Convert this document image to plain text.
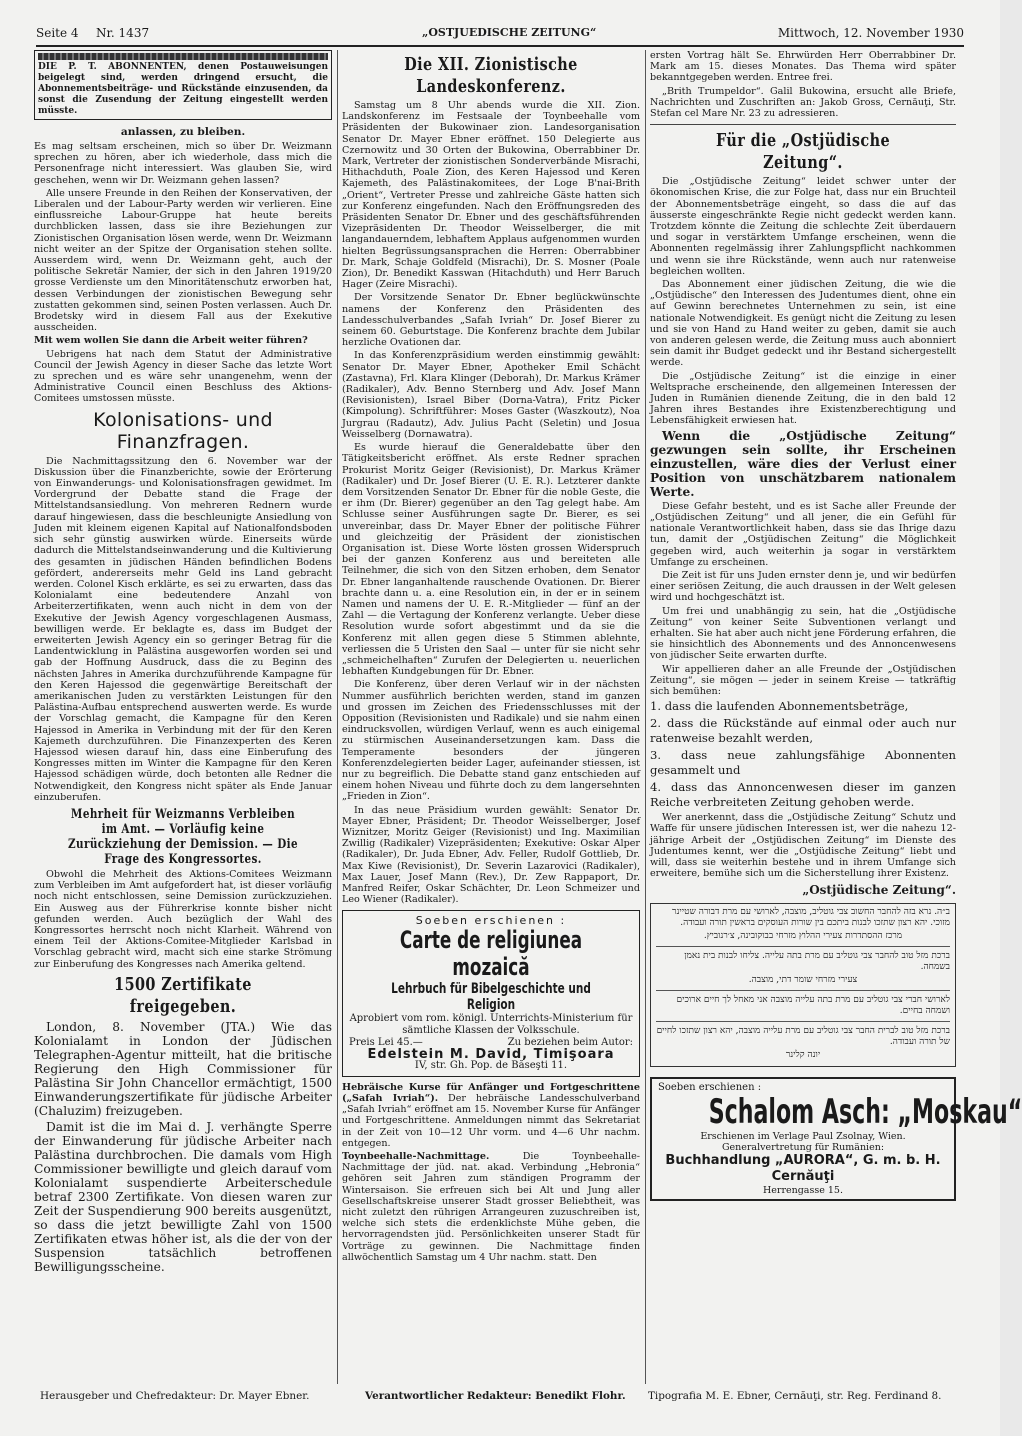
Seite 4 Nr. 1437	„OSTJUEDISCHE ZEITUNG“	Mittwoch, 12. November 1930
DIE P. T. ABONNENTEN, denen Postauweisungen beigelegt sind, werden dringend ersucht, die Abonnementsbeiträge- und Rückstände einzusenden, da sonst die Zusendung der Zeitung eingestellt werden müsste.
anlassen, zu bleiben.

Es mag seltsam erscheinen, mich so über Dr. Weizmann sprechen zu hören, aber ich wiederhole, dass mich die Personenfrage nicht interessiert. Was glauben Sie, wird geschehen, wenn wir Dr. Weizmann gehen lassen?

Alle unsere Freunde in den Reihen der Konservativen, der Liberalen und der Labour-Party werden wir verlieren. Eine einflussreiche Labour-Gruppe hat heute bereits durchblicken lassen, dass sie ihre Beziehungen zur Zionistischen Organisation lösen werde, wenn Dr. Weizmann nicht weiter an der Spitze der Organisation stehen sollte. Ausserdem wird, wenn Dr. Weizmann geht, auch der politische Sekretär Namier, der sich in den Jahren 1919/20 grosse Verdienste um den Minoritätenschutz erworben hat, dessen Verbindungen der zionistischen Bewegung sehr zustatten gekommen sind, seinen Posten verlassen. Auch Dr. Brodetsky wird in diesem Fall aus der Exekutive ausscheiden.

Mit wem wollen Sie dann die Arbeit weiter führen?

Uebrigens hat nach dem Statut der Administrative Council der Jewish Agency in dieser Sache das letzte Wort zu sprechen und es wäre sehr unangenehm, wenn der Administrative Council einen Beschluss des Aktions-Comitees umstossen müsste.

Kolonisations- und Finanzfragen.

Die Nachmittagssitzung den 6. November war der Diskussion über die Finanzberichte, sowie der Erörterung von Einwanderungs- und Kolonisationsfragen gewidmet. Im Vordergrund der Debatte stand die Frage der Mittelstandsansiedlung. Von mehreren Rednern wurde darauf hingewiesen, dass die beschleunigte Ansiedlung von Juden mit kleinem eigenen Kapital auf Nationalfondsboden sich sehr günstig auswirken würde. Einerseits würde dadurch die Mittelstandseinwanderung und die Kultivierung des gesamten in jüdischen Händen befindlichen Bodens gefördert, andererseits mehr Geld ins Land gebracht werden. Colonel Kisch erklärte, es sei zu erwarten, dass das Kolonialamt eine bedeutendere Anzahl von Arbeiterzertifikaten, wenn auch nicht in dem von der Exekutive der Jewish Agency vorgeschlagenen Ausmass, bewilligen werde. Er beklagte es, dass im Budget der erweiterten Jewish Agency ein so geringer Betrag für die Landentwicklung in Palästina ausgeworfen worden sei und gab der Hoffnung Ausdruck, dass die zu Beginn des nächsten Jahres in Amerika durchzuführende Kampagne für den Keren Hajessod die gegenwärtige Bereitschaft der amerikanischen Juden zu verstärkten Leistungen für den Palästina-Aufbau entsprechend auswerten werde. Es wurde der Vorschlag gemacht, die Kampagne für den Keren Hajessod in Amerika in Verbindung mit der für den Keren Kajemeth durchzuführen. Die Finanzexperten des Keren Hajessod wiesen darauf hin, dass eine Einberufung des Kongresses mitten im Winter die Kampagne für den Keren Hajessod schädigen würde, doch betonten alle Redner die Notwendigkeit, den Kongress nicht später als Ende Januar einzuberufen.

Mehrheit für Weizmanns Verbleiben im Amt. — Vorläufig keine Zurückziehung der Demission. — Die Frage des Kongressortes.

Obwohl die Mehrheit des Aktions-Comitees Weizmann zum Verbleiben im Amt aufgefordert hat, ist dieser vorläufig noch nicht entschlossen, seine Demission zurückzuziehen. Ein Ausweg aus der Führerkrise konnte bisher nicht gefunden werden. Auch bezüglich der Wahl des Kongressortes herrscht noch nicht Klarheit. Während von einem Teil der Aktions-Comitee-Mitglieder Karlsbad in Vorschlag gebracht wird, macht sich eine starke Strömung zur Einberufung des Kongresses nach Amerika geltend.

1500 Zertifikate freigegeben.

London, 8. November (JTA.) Wie das Kolonialamt in London der Jüdischen Telegraphen-Agentur mitteilt, hat die britische Regierung den High Commissioner für Palästina Sir John Chancellor ermächtigt, 1500 Einwanderungszertifikate für jüdische Arbeiter (Chaluzim) freizugeben.

Damit ist die im Mai d. J. verhängte Sperre der Einwanderung für jüdische Arbeiter nach Palästina durchbrochen. Die damals vom High Commissioner bewilligte und gleich darauf vom Kolonialamt suspendierte Arbeiterschedule betraf 2300 Zertifikate. Von diesen waren zur Zeit der Suspendierung 900 bereits ausgenützt, so dass die jetzt bewilligte Zahl von 1500 Zertifikaten etwas höher ist, als die der von der Suspension tatsächlich betroffenen Bewilligungsscheine.

Die XII. Zionistische Landeskonferenz.

Samstag um 8 Uhr abends wurde die XII. Zion. Landskonferenz im Festsaale der Toynbeehalle vom Präsidenten der Bukowinaer zion. Landesorganisation Senator Dr. Mayer Ebner eröffnet. 150 Delegierte aus Czernowitz und 30 Orten der Bukowina, Oberrabbiner Dr. Mark, Vertreter der zionistischen Sonderverbände Misrachi, Hithachduth, Poale Zion, des Keren Hajessod und Keren Kajemeth, des Palästinakomitees, der Loge B'nai-Brith „Orient“, Vertreter Presse und zahlreiche Gäste hatten sich zur Konferenz eingefunden. Nach den Eröffnungsreden des Präsidenten Senator Dr. Ebner und des geschäftsführenden Vizepräsidenten Dr. Theodor Weisselberger, die mit langandauerndem, lebhaftem Applaus aufgenommen wurden hielten Begrüssungsansprachen die Herren: Oberrabbiner Dr. Mark, Schaje Goldfeld (Misrachi), Dr. S. Mosner (Poale Zion), Dr. Benedikt Kasswan (Hitachduth) und Herr Baruch Hager (Zeire Misrachi).

Der Vorsitzende Senator Dr. Ebner beglückwünschte namens der Konferenz den Präsidenten des Landesschulverbandes „Safah Ivriah“ Dr. Josef Bierer zu seinem 60. Geburtstage. Die Konferenz brachte dem Jubilar herzliche Ovationen dar.

In das Konferenzpräsidium werden einstimmig gewählt: Senator Dr. Mayer Ebner, Apotheker Emil Schächt (Zastavna), Frl. Klara Klinger (Deborah), Dr. Markus Krämer (Radikaler), Adv. Benno Sternberg und Adv. Josef Mann (Revisionisten), Israel Biber (Dorna-Vatra), Fritz Picker (Kimpolung). Schriftführer: Moses Gaster (Waszkoutz), Noa Jurgrau (Radautz), Adv. Julius Pacht (Seletin) und Josua Weisselberg (Dornawatra).

Es wurde hierauf die Generaldebatte über den Tätigkeitsbericht eröffnet. Als erste Redner sprachen Prokurist Moritz Geiger (Revisionist), Dr. Markus Krämer (Radikaler) und Dr. Josef Bierer (U. E. R.). Letzterer dankte dem Vorsitzenden Senator Dr. Ebner für die noble Geste, die er ihm (Dr. Bierer) gegenüber an den Tag gelegt habe. Am Schlusse seiner Ausführungen sagte Dr. Bierer, es sei unvereinbar, dass Dr. Mayer Ebner der politische Führer und gleichzeitig der Präsident der zionistischen Organisation ist. Diese Worte lösten grossen Widerspruch bei der ganzen Konferenz aus und bereiteten alle Teilnehmer, die sich von den Sitzen erhoben, dem Senator Dr. Ebner langanhaltende rauschende Ovationen. Dr. Bierer brachte dann u. a. eine Resolution ein, in der er in seinem Namen und namens der U. E. R.-Mitglieder — fünf an der Zahl — die Vertagung der Konferenz verlangte. Ueber diese Resolution wurde sofort abgestimmt und da sie die Konferenz mit allen gegen diese 5 Stimmen ablehnte, verliessen die 5 Uristen den Saal — unter für sie nicht sehr „schmeichelhaften“ Zurufen der Delegierten u. neuerlichen lebhaften Kundgebungen für Dr. Ebner.

Die Konferenz, über deren Verlauf wir in der nächsten Nummer ausführlich berichten werden, stand im ganzen und grossen im Zeichen des Friedensschlusses mit der Opposition (Revisionisten und Radikale) und sie nahm einen eindrucksvollen, würdigen Verlauf, wenn es auch einigemal zu stürmischen Auseinandersetzungen kam. Dass die Temperamente besonders der jüngeren Konferenzdelegierten beider Lager, aufeinander stiessen, ist nur zu begreiflich. Die Debatte stand ganz entschieden auf einem hohen Niveau und führte doch zu dem langersehnten „Frieden in Zion“.

In das neue Präsidium wurden gewählt: Senator Dr. Mayer Ebner, Präsident; Dr. Theodor Weisselberger, Josef Wiznitzer, Moritz Geiger (Revisionist) und Ing. Maximilian Zwillig (Radikaler) Vizepräsidenten; Exekutive: Oskar Alper (Radikaler), Dr. Juda Ebner, Adv. Feller, Rudolf Gottlieb, Dr. Max Kiwe (Revisionist), Dr. Severin Lazarovici (Radikaler), Max Lauer, Josef Mann (Rev.), Dr. Zew Rappaport, Dr. Manfred Reifer, Oskar Schächter, Dr. Leon Schmeizer und Leo Wiener (Radikaler).

Soeben erschienen :
Carte de religiunea mozaică
Lehrbuch für Bibelgeschichte und Religion
Aprobiert vom rom. königl. Unterrichts-Ministerium für sämtliche Klassen der Volksschule.
Preis Lei 45.—	Zu beziehen beim Autor:
Edelstein M. David, Timişoara
IV, str. Gh. Pop. de Băseşti 11.

Hebräische Kurse für Anfänger und Fortgeschrittene („Safah Ivriah“). Der hebräische Landesschulverband „Safah Ivriah“ eröffnet am 15. November Kurse für Anfänger und Fortgeschrittene. Anmeldungen nimmt das Sekretariat in der Zeit von 10—12 Uhr vorm. und 4—6 Uhr nachm. entgegen.

Toynbeehalle-Nachmittage.	Die Toynbeehalle-Nachmittage der jüd. nat. akad. Verbindung „Hebronia“ gehören seit Jahren zum ständigen Programm der Wintersaison. Sie erfreuen sich bei Alt und Jung aller Gesellschaftskreise unserer Stadt grosser Beliebtheit, was nicht zuletzt den rührigen Arrangeuren zuzuschreiben ist, welche sich stets die erdenklichste Mühe geben, die hervorragendsten jüd. Persönlichkeiten unserer Stadt für Vorträge zu gewinnen. Die Nachmittage finden allwöchentlich Samstag um 4 Uhr nachm. statt. Den

ersten Vortrag hält Se. Ehrwürden Herr Oberrabbiner Dr. Mark am 15. dieses Monates. Das Thema wird später bekanntgegeben werden. Entree frei.

„Brith Trumpeldor“. Galil Bukowina, ersucht alle Briefe, Nachrichten und Zuschriften an: Jakob Gross, Cernăuţi, Str. Stefan cel Mare Nr. 23 zu adressieren.

Für die „Ostjüdische Zeitung“.

Die „Ostjüdische Zeitung“ leidet schwer unter der ökonomischen Krise, die zur Folge hat, dass nur ein Bruchteil der Abonnementsbeträge eingeht, so dass die auf das äusserste eingeschränkte Regie nicht gedeckt werden kann. Trotzdem könnte die Zeitung die schlechte Zeit überdauern und sogar in verstärktem Umfange erscheinen, wenn die Abonnenten regelmässig ihrer Zahlungspflicht nachkommen und wenn sie ihre Rückstände, wenn auch nur ratenweise begleichen wollten.

Das Abonnement einer jüdischen Zeitung, die wie die „Ostjüdische“ den Interessen des Judentumes dient, ohne ein auf Gewinn berechnetes Unternehmen zu sein, ist eine nationale Notwendigkeit. Es genügt nicht die Zeitung zu lesen und sie von Hand zu Hand weiter zu geben, damit sie auch von anderen gelesen werde, die Zeitung muss auch abonniert sein damit ihr Budget gedeckt und ihr Bestand sichergestellt werde.

Die „Ostjüdische Zeitung“ ist die einzige in einer Weltsprache erscheinende, den allgemeinen Interessen der Juden in Rumänien dienende Zeitung, die in den bald 12 Jahren ihres Bestandes ihre Existenzberechtigung und Lebensfähigkeit erwiesen hat.

Wenn die „Ostjüdische Zeitung“ gezwungen sein sollte, ihr Erscheinen einzustellen, wäre dies der Verlust einer Position von unschätzbarem nationalem Werte.

Diese Gefahr besteht, und es ist Sache aller Freunde der „Ostjüdischen Zeitung“ und all jener, die ein Gefühl für nationale Verantwortlichkeit haben, dass sie das Ihrige dazu tun, damit der „Ostjüdischen Zeitung“ die Möglichkeit gegeben wird, auch weiterhin ja sogar in verstärktem Umfange zu erscheinen.

Die Zeit ist für uns Juden ernster denn je, und wir bedürfen einer seriösen Zeitung, die auch draussen in der Welt gelesen wird und hochgeschätzt ist.

Um frei und unabhängig zu sein, hat die „Ostjüdische Zeitung“ von keiner Seite Subventionen verlangt und erhalten. Sie hat aber auch nicht jene Förderung erfahren, die sie hinsichtlich des Abonnements und des Annoncenwesens von jüdischer Seite erwarten durfte.

Wir appellieren daher an alle Freunde der „Ostjüdischen Zeitung“, sie mögen — jeder in seinem Kreise — tatkräftig sich bemühen:

1. dass die laufenden Abonnementsbeträge,

2. dass die Rückstände auf einmal oder auch nur ratenweise bezahlt werden,

3. dass neue zahlungsfähige Abonnenten gesammelt und

4. dass das Annoncenwesen dieser im ganzen Reiche verbreiteten Zeitung gehoben werde.

Wer anerkennt, dass die „Ostjüdische Zeitung“ Schutz und Waffe für unsere jüdischen Interessen ist, wer die nahezu 12-jährige Arbeit der „Ostjüdischen Zeitung“ im Dienste des Judentumes kennt, wer die „Ostjüdische Zeitung“ liebt und will, dass sie weiterhin bestehe und in ihrem Umfange sich erweitere, bemühe sich um die Sicherstellung ihrer Existenz.

„Ostjüdische Zeitung“.

ב״ה. נרא בזה להחבר החשוב צבי גוטליב, מוצבה, לארושי עם מרת דבורה שטיינר מזוכי. יהא רצון שתזכו לבנות ביתכם בין שורות העוסקים בראשין תורה ועבודה.

מרכז ההסתדרות צעירי ההלוץ מזרחי בבוקובינה, צ׳רנוביץ.

ברכת מזל טוב להחבר צבי גוטליב עם מרת בתה עלייה. צליחו לבנות בית נאמן בשמחה.

צעירי מזרחי שומר דתי, מוצבה.

לארושי חברי צבי גוטליב עם מרת בתה עלייה מוצבה אני מאחל לך חיים ארוכים ושמחה בחיים.

ברכת מזל טוב לברית החבר צבי גוטליב עם מרת עלייה מוצבה, יהא רצון שתזכו לחיים של תורה ועבודה.

יונה קלינר

Soeben erschienen :
Schalom Asch: „Moskau“
Erschienen im Verlage Paul Zsolnay, Wien. Generalvertretung für Rumänien:
Buchhandlung „AURORA“, G. m. b. H. Cernăuţi
Herrengasse 15.
Herausgeber und Chefredakteur: Dr. Mayer Ebner.	Verantwortlicher Redakteur: Benedikt Flohr. Tipografia M. E. Ebner, Cernăuţi, str. Reg. Ferdinand 8.
